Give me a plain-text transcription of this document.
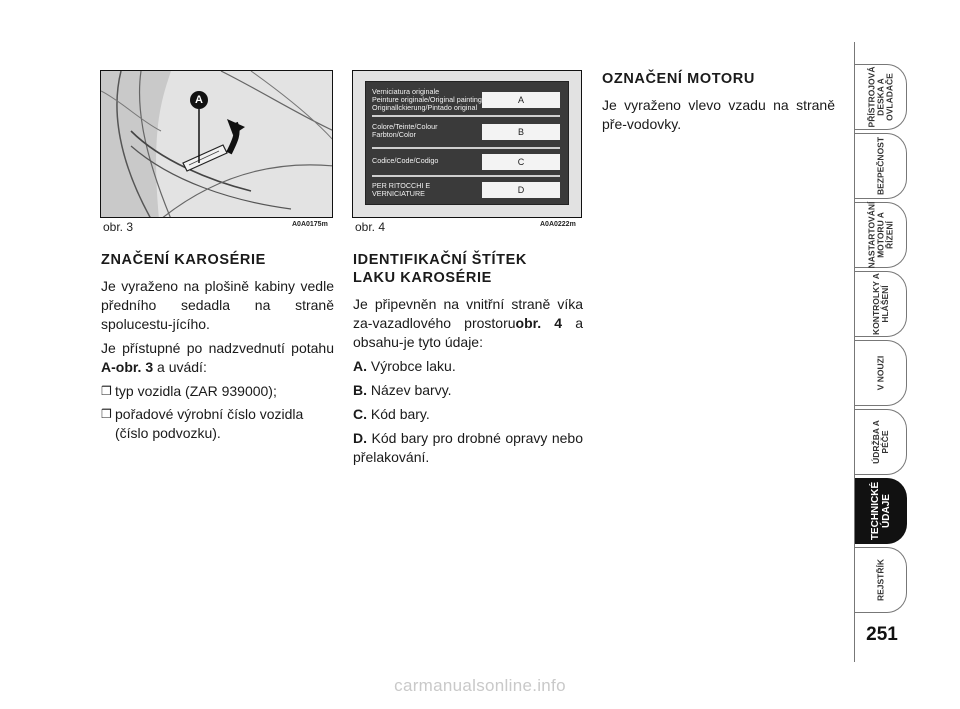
A
obr. 3	A0A0175m
Verniciatura originale
Peinture originale/Original painting
Originallckierung/Pintado original
A
Colore/Teinte/Colour
Farbton/Color	B
Codice/Code/Codigo	C
PER RITOCCHI E
VERNICIATURE	D
obr. 4	A0A0222m
ZNAČENÍ KAROSÉRIE
Je vyraženo na plošině kabiny vedle předního sedadla na straně spolucestu-jícího.
Je přístupné po nadzvednutí potahu A-obr. 3 a uvádí:
❒ typ vozidla (ZAR 939000);
❒ pořadové výrobní číslo vozidla (číslo podvozku).
IDENTIFIKAČNÍ ŠTÍTEK
LAKU KAROSÉRIE
Je připevněn na vnitřní straně víka za-vazadlového prostoruobr. 4 a obsahu-je tyto údaje:
A. Výrobce laku.
B. Název barvy.
C. Kód bary.
D. Kód bary pro drobné opravy nebo přelakování.
OZNAČENÍ MOTORU
Je vyraženo vlevo vzadu na straně pře-vodovky.	PŘÍSTROJOVÁ
DESKA A
OVLADAČE
BEZPEČNOST
NASTARTOVÁNÍ
MOTORU A
ŘÍZENÍ
KONTROLKY A
HLÁŠENÍ
V NOUZI
ÚDRŽBA A
PÉČE
TECHNICKÉ
ÚDAJE
REJSTŘÍK
251
carmanualsonline.info
